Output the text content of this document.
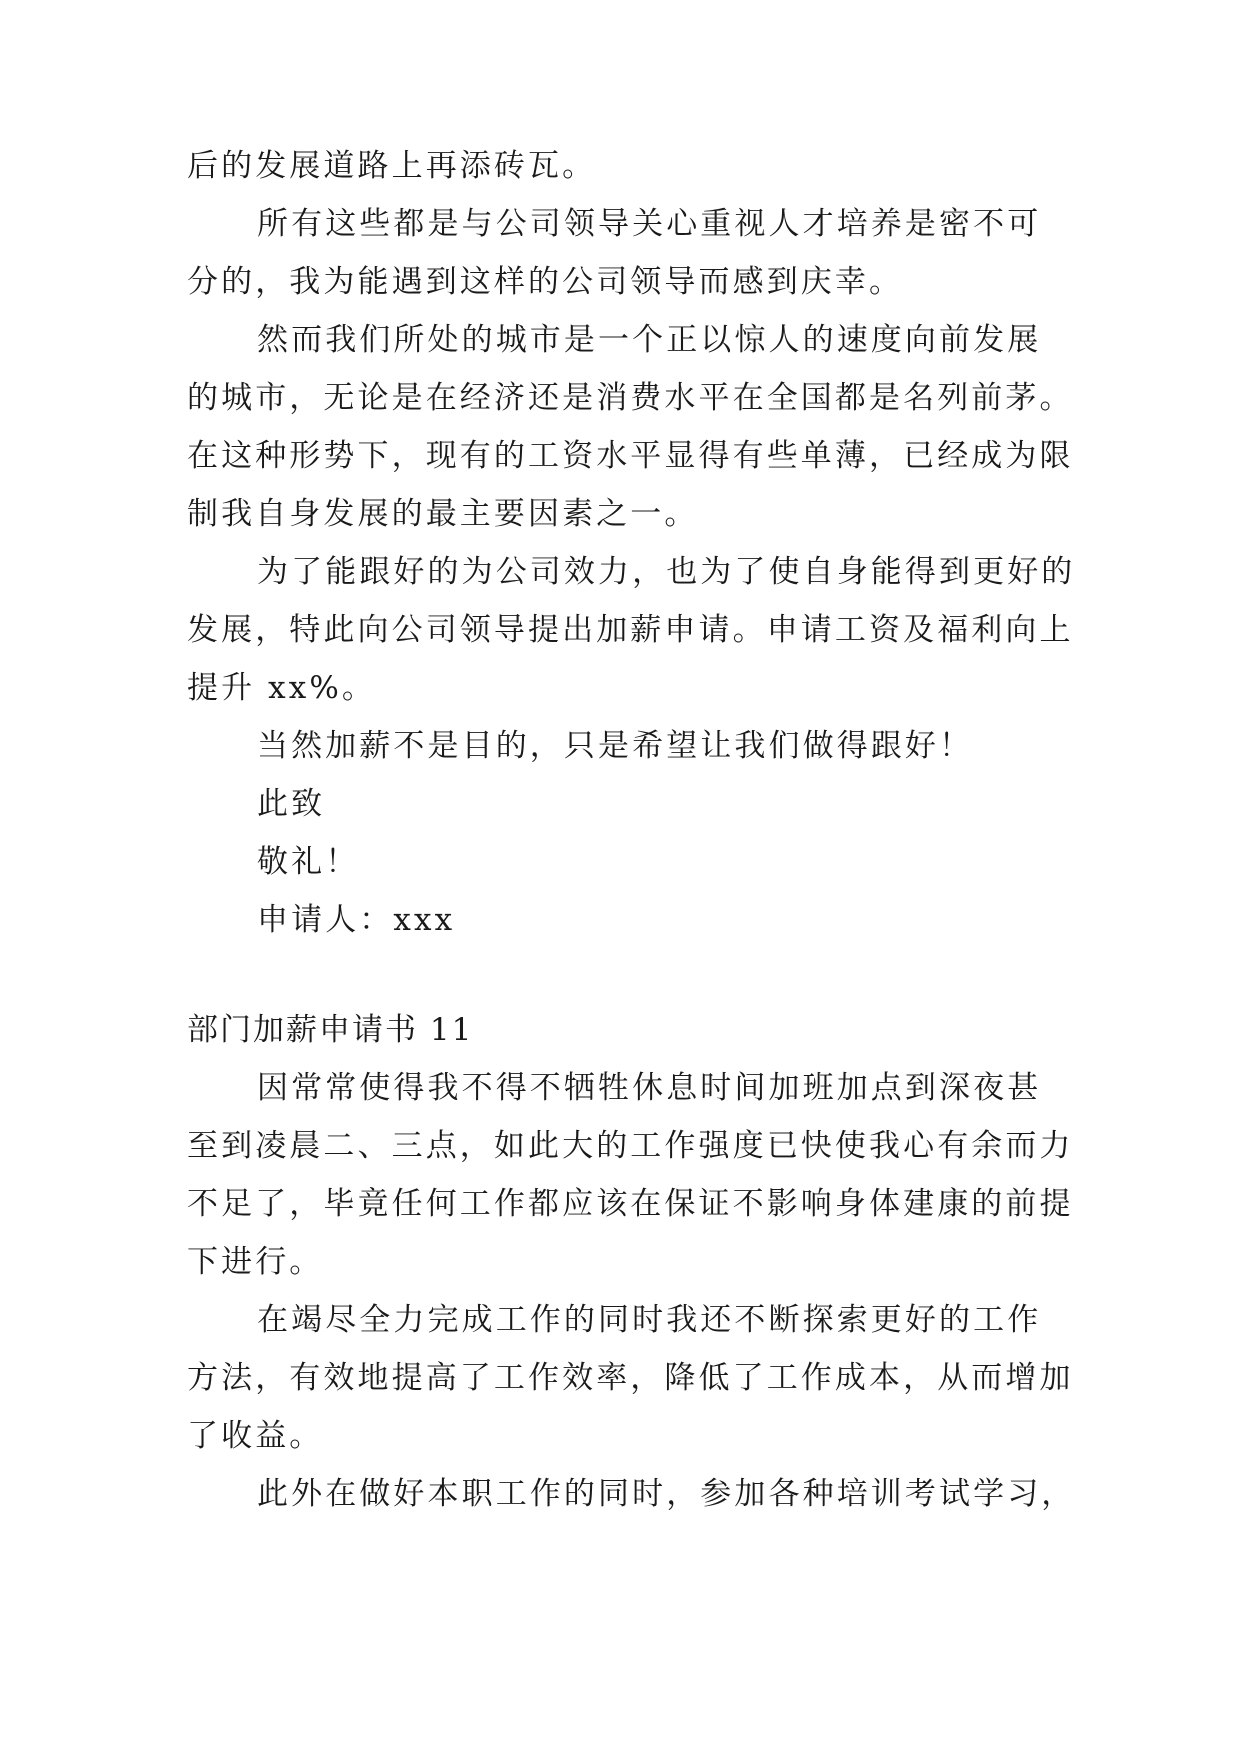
后的发展道路上再添砖瓦。
所有这些都是与公司领导关心重视人才培养是密不可
分的，我为能遇到这样的公司领导而感到庆幸。
然而我们所处的城市是一个正以惊人的速度向前发展
的城市，无论是在经济还是消费水平在全国都是名列前茅。
在这种形势下，现有的工资水平显得有些单薄，已经成为限
制我自身发展的最主要因素之一。
为了能跟好的为公司效力，也为了使自身能得到更好的
发展，特此向公司领导提出加薪申请。申请工资及福利向上
提升 xx%。
当然加薪不是目的，只是希望让我们做得跟好！
此致
敬礼！
申请人：xxx
部门加薪申请书 11
因常常使得我不得不牺牲休息时间加班加点到深夜甚
至到凌晨二、三点，如此大的工作强度已快使我心有余而力
不足了，毕竟任何工作都应该在保证不影响身体建康的前提
下进行。
在竭尽全力完成工作的同时我还不断探索更好的工作
方法，有效地提高了工作效率，降低了工作成本，从而增加
了收益。
此外在做好本职工作的同时，参加各种培训考试学习，
